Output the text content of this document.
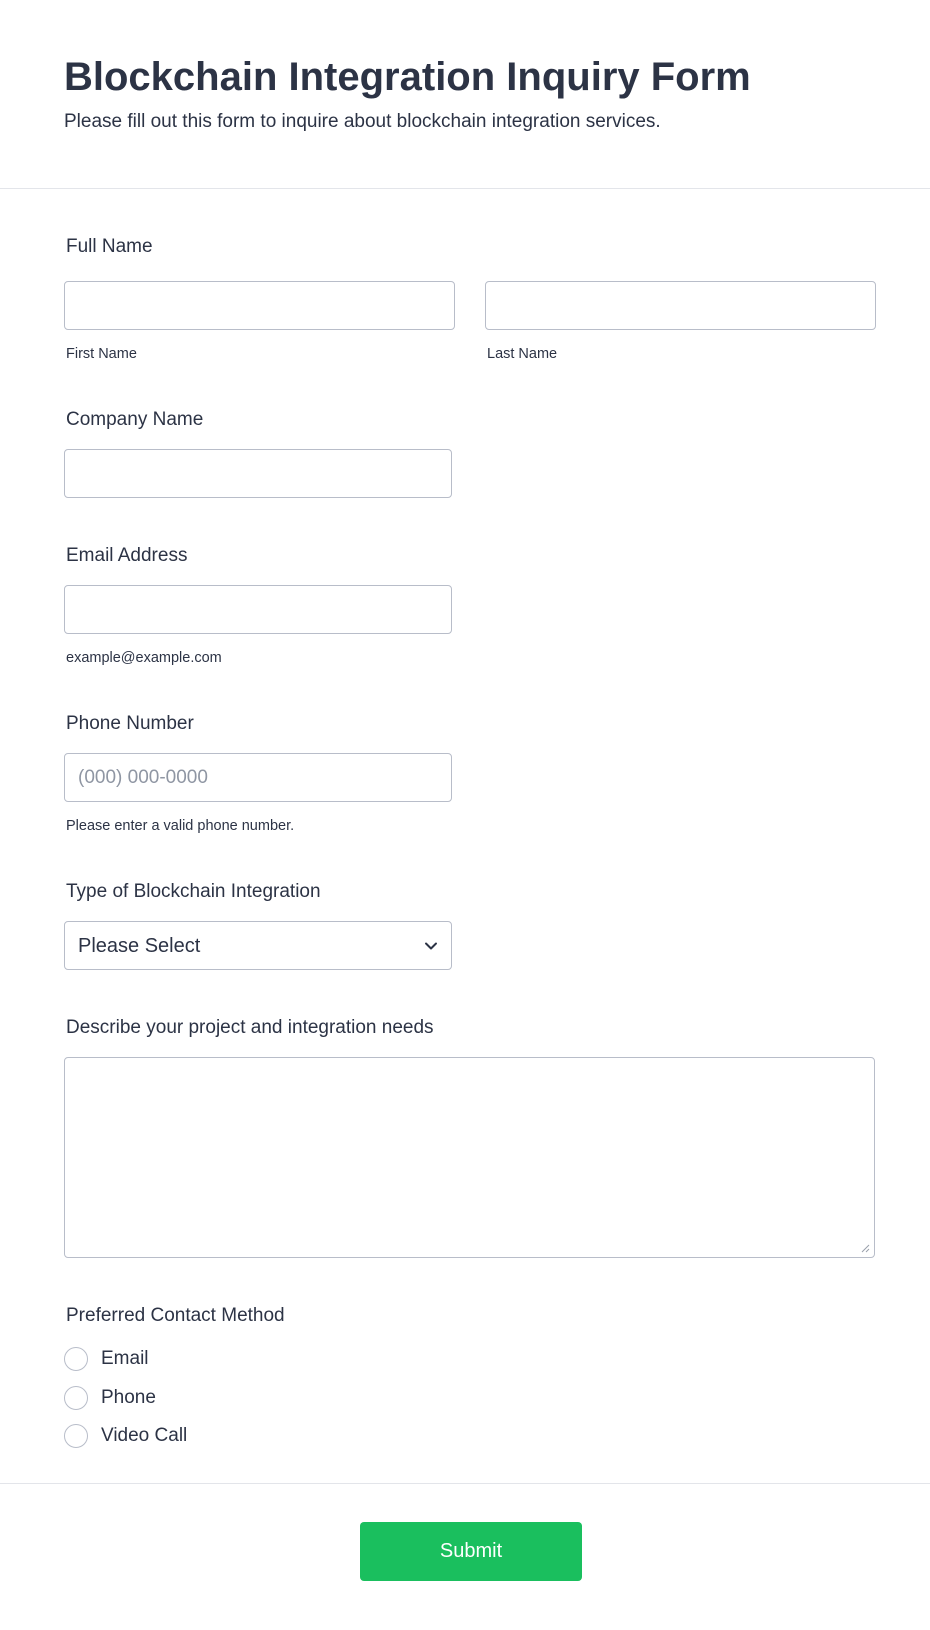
Blockchain Integration Inquiry Form

Please fill out this form to inquire about blockchain integration services.

Full Name
First Name	Last Name
Company Name
Email Address
example@example.com
Phone Number
(000) 000-0000
Please enter a valid phone number.
Type of Blockchain Integration
Please Select
Describe your project and integration needs
Preferred Contact Method
Email
Phone
Video Call
Submit
